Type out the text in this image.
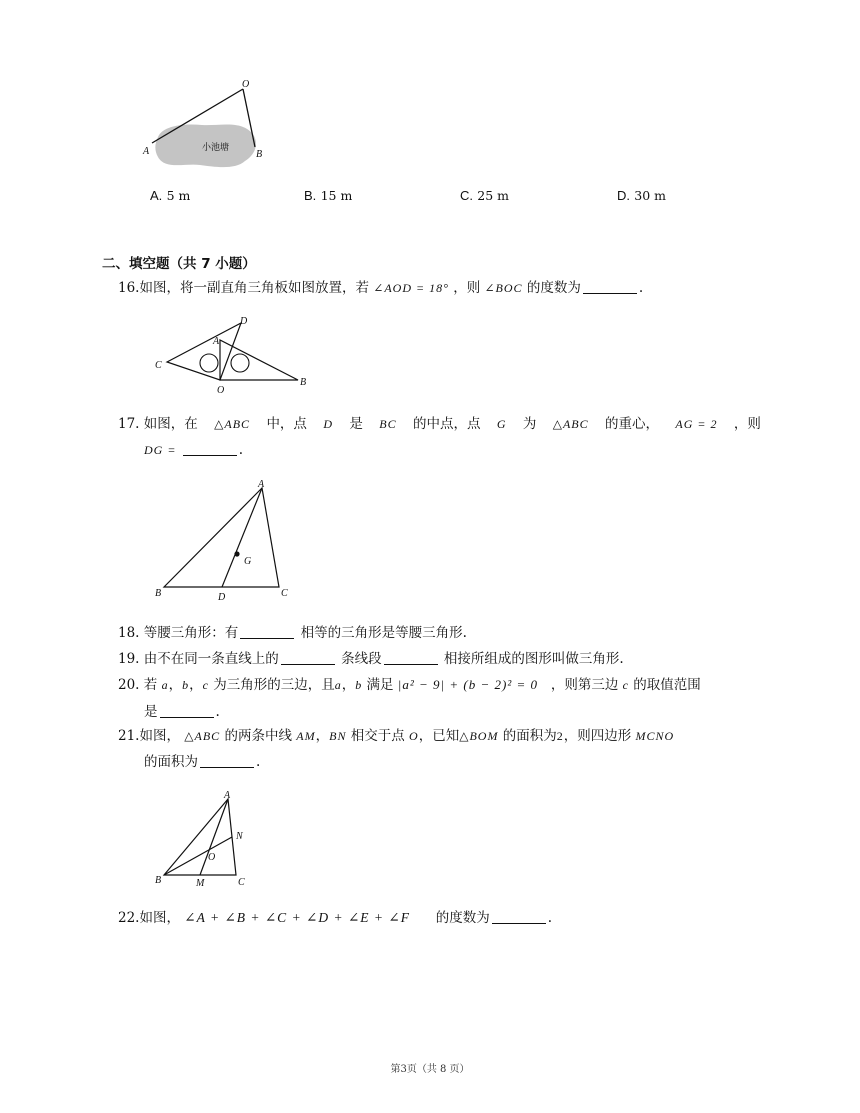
O
A	B
小池塘
A. 5 m	B. 15 m	C. 25 m	D. 30 m
二、填空题（共 7 小题）
16.如图，将一副直角三角板如图放置，若 ∠AOD = 18° ，则 ∠BOC 的度数为	.
D
A
C
O
B
17. 如图，在 △ABC 中，点 D 是 BC 的中点，点 G 为 △ABC 的重心， AG = 2 ，则
DG =	.
A
G
B	D	C
18. 等腰三角形：有	相等的三角形是等腰三角形.
19. 由不在同一条直线上的	条线段	相接所组成的图形叫做三角形.
20. 若 a，b，c 为三角形的三边，且a，b 满足 |a² − 9| + (b − 2)² = 0 ，则第三边 c 的取值范围
是	.
21.如图， △ABC 的两条中线 AM，BN 相交于点 O，已知△BOM 的面积为2，则四边形 MCNO
的面积为	.
A
N
O
B	M	C
22.如图， ∠A + ∠B + ∠C + ∠D + ∠E + ∠F 的度数为	.
第3页（共 8 页）
